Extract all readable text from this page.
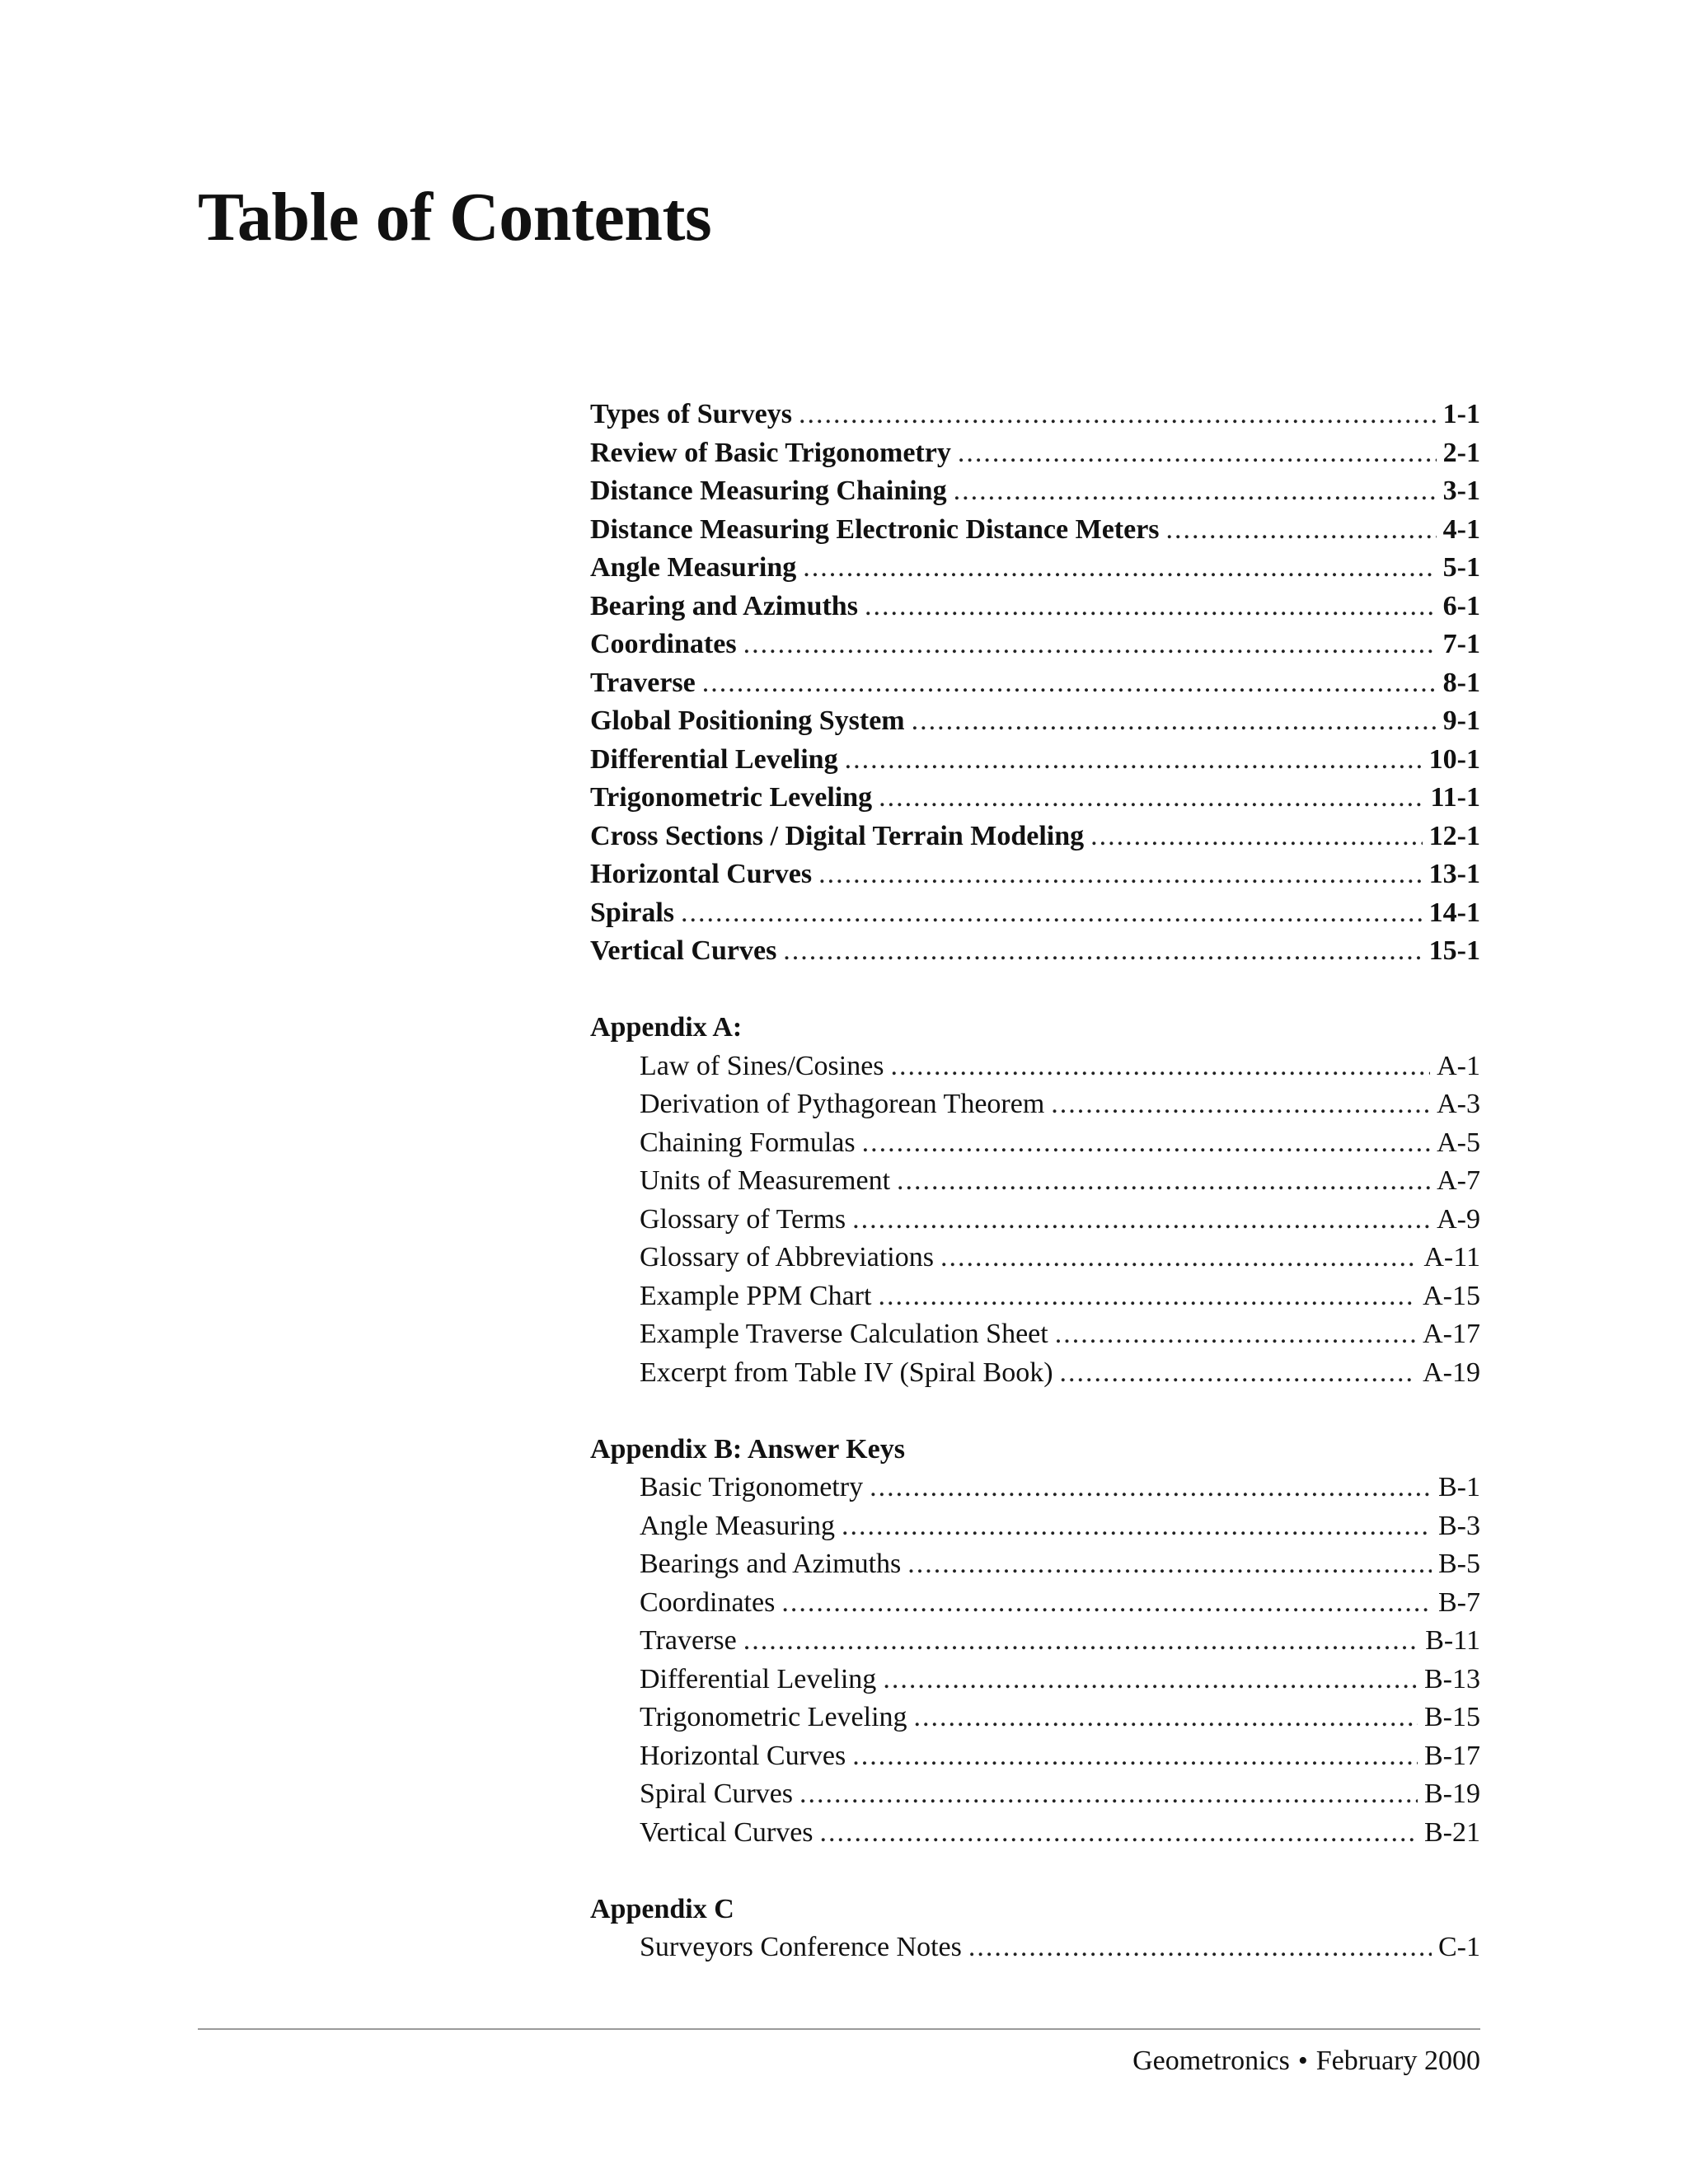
Table of Contents
Types of Surveys .....	1-1
Review of Basic Trigonometry .....	2-1
Distance Measuring Chaining .....	3-1
Distance Measuring Electronic Distance Meters .....	4-1
Angle Measuring .....	5-1
Bearing and Azimuths .....	6-1
Coordinates .....	7-1
Traverse .....	8-1
Global Positioning System .....	9-1
Differential Leveling .....	10-1
Trigonometric Leveling .....	11-1
Cross Sections / Digital Terrain Modeling .....	12-1
Horizontal Curves .....	13-1
Spirals .....	14-1
Vertical Curves .....	15-1
Appendix A:
Law of Sines/Cosines .....	A-1
Derivation of Pythagorean Theorem .....	A-3
Chaining Formulas .....	A-5
Units of Measurement .....	A-7
Glossary of Terms .....	A-9
Glossary of Abbreviations .....	A-11
Example PPM Chart .....	A-15
Example Traverse Calculation Sheet .....	A-17
Excerpt from Table IV (Spiral Book) .....	A-19
Appendix B: Answer Keys
Basic Trigonometry .....	B-1
Angle Measuring .....	B-3
Bearings and Azimuths .....	B-5
Coordinates .....	B-7
Traverse .....	B-11
Differential Leveling .....	B-13
Trigonometric Leveling .....	B-15
Horizontal Curves .....	B-17
Spiral Curves .....	B-19
Vertical Curves .....	B-21
Appendix C
Surveyors Conference Notes .....	C-1
Geometronics • February 2000
